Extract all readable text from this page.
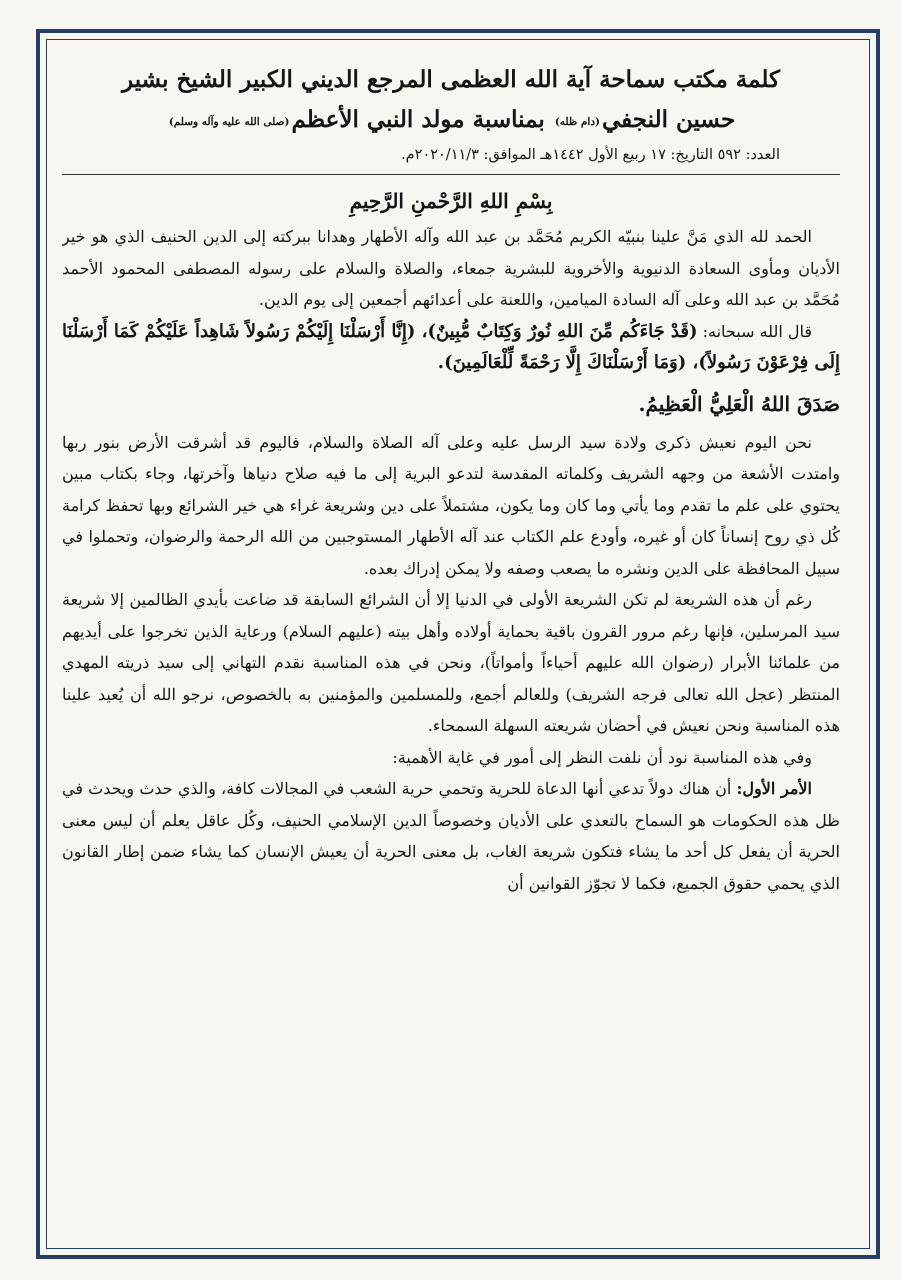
كلمة مكتب سماحة آية الله العظمى المرجع الديني الكبير الشيخ بشير
حسين النجفي$^{(دام ظله)}$ بمناسبة مولد النبي الأعظم$^{(صلى الله عليه وآله وسلم)}$
العدد: ٥٩٢ التاريخ: ١٧ ربيع الأول ١٤٤٢هـ الموافق: ٢٠٢٠/١١/٣م.
بِسْمِ اللهِ الرَّحْمنِ الرَّحِيمِ

الحمد لله الذي مَنَّ علينا بنبيّه الكريم مُحَمَّد بن عبد الله وآله الأطهار وهدانا ببركته إلى الدين الحنيف الذي هو خير الأديان ومأوى السعادة الدنيوية والأخروية للبشرية جمعاء، والصلاة والسلام على رسوله المصطفى المحمود الأحمد مُحَمَّد بن عبد الله وعلى آله السادة الميامين، واللعنة على أعدائهم أجمعين إلى يوم الدين.

قال الله سبحانه: (قَدْ جَاءَكُم مِّنَ اللهِ نُورٌ وَكِتَابٌ مُّبِينٌ)، (إِنَّا أَرْسَلْنَا إِلَيْكُمْ رَسُولاً شَاهِداً عَلَيْكُمْ كَمَا أَرْسَلْنَا إِلَى فِرْعَوْنَ رَسُولاً)، (وَمَا أَرْسَلْنَاكَ إِلَّا رَحْمَةً لِّلْعَالَمِينَ).

صَدَقَ اللهُ الْعَلِيُّ الْعَظِيمُ.

نحن اليوم نعيش ذكرى ولادة سيد الرسل عليه وعلى آله الصلاة والسلام، فاليوم قد أشرقت الأرض بنور ربها وامتدت الأشعة من وجهه الشريف وكلماته المقدسة لتدعو البرية إلى ما فيه صلاح دنياها وآخرتها، وجاء بكتاب مبين يحتوي على علم ما تقدم وما يأتي وما كان وما يكون، مشتملاً على دين وشريعة غراء هي خير الشرائع وبها تحفظ كرامة كُل ذي روح إنساناً كان أو غيره، وأودع علم الكتاب عند آله الأطهار المستوجبين من الله الرحمة والرضوان، وتحملوا في سبيل المحافظة على الدين ونشره ما يصعب وصفه ولا يمكن إدراك بعده.

رغم أن هذه الشريعة لم تكن الشريعة الأولى في الدنيا إلا أن الشرائع السابقة قد ضاعت بأيدي الظالمين إلا شريعة سيد المرسلين، فإنها رغم مرور القرون باقية بحماية أولاده وأهل بيته (عليهم السلام) ورعاية الذين تخرجوا على أيديهم من علمائنا الأبرار (رضوان الله عليهم أحياءاً وأمواتاً)، ونحن في هذه المناسبة نقدم التهاني إلى سيد ذريته المهدي المنتظر (عجل الله تعالى فرجه الشريف) وللعالم أجمع، وللمسلمين والمؤمنين به بالخصوص، نرجو الله أن يُعيد علينا هذه المناسبة ونحن نعيش في أحضان شريعته السهلة السمحاء.

وفي هذه المناسبة نود أن نلفت النظر إلى أمور في غاية الأهمية:

الأمر الأول: أن هناك دولاً تدعي أنها الدعاة للحرية وتحمي حرية الشعب في المجالات كافة، والذي حدث ويحدث في ظل هذه الحكومات هو السماح بالتعدي على الأديان وخصوصاً الدين الإسلامي الحنيف، وكُل عاقل يعلم أن ليس معنى الحرية أن يفعل كل أحد ما يشاء فتكون شريعة الغاب، بل معنى الحرية أن يعيش الإنسان كما يشاء ضمن إطار القانون الذي يحمي حقوق الجميع، فكما لا تجوّز القوانين أن
